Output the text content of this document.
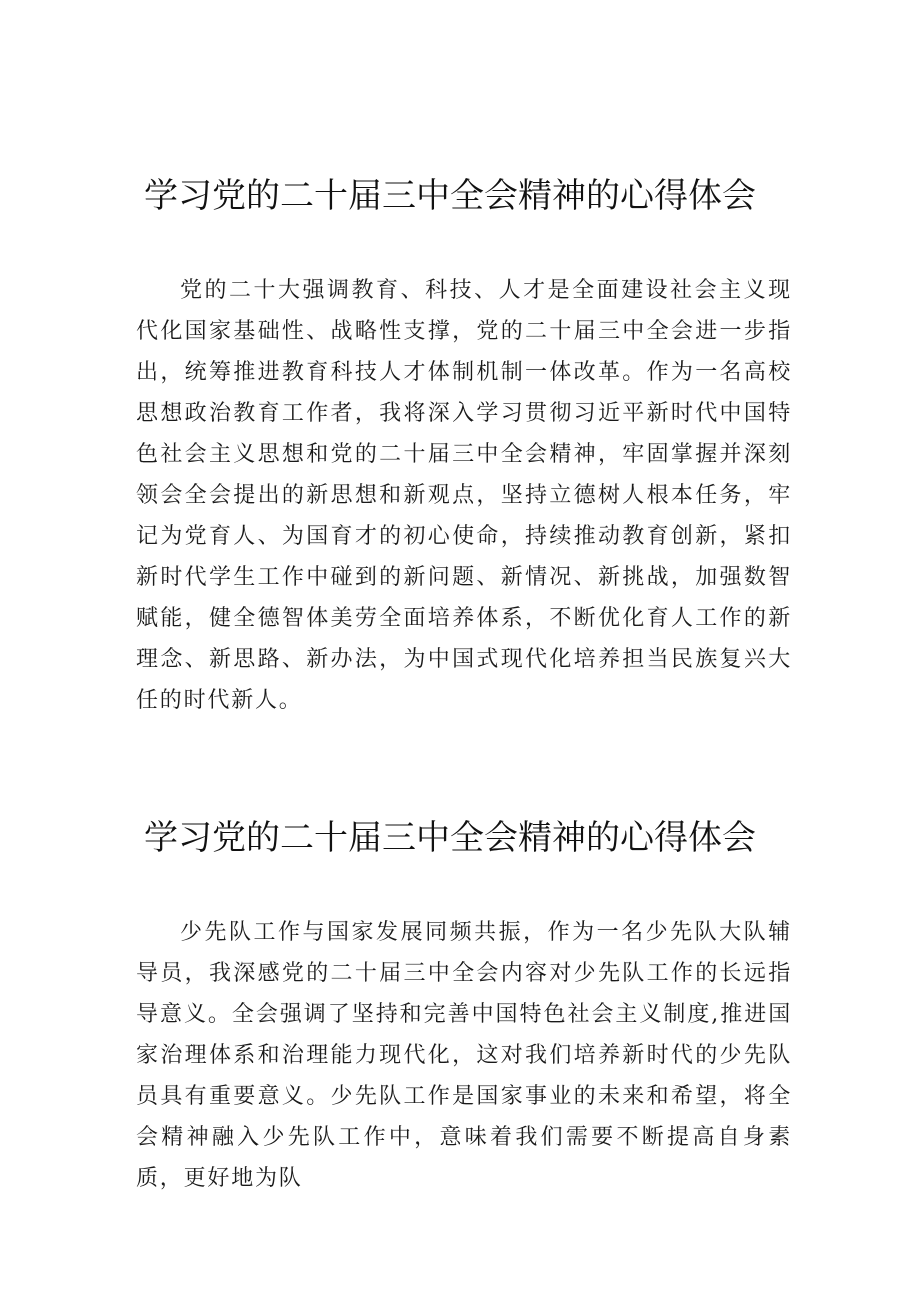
学习党的二十届三中全会精神的心得体会

党的二十大强调教育、科技、人才是全面建设社会主义现代化国家基础性、战略性支撑，党的二十届三中全会进一步指出，统筹推进教育科技人才体制机制一体改革。作为一名高校思想政治教育工作者，我将深入学习贯彻习近平新时代中国特色社会主义思想和党的二十届三中全会精神，牢固掌握并深刻领会全会提出的新思想和新观点，坚持立德树人根本任务，牢记为党育人、为国育才的初心使命，持续推动教育创新，紧扣新时代学生工作中碰到的新问题、新情况、新挑战，加强数智赋能，健全德智体美劳全面培养体系，不断优化育人工作的新理念、新思路、新办法，为中国式现代化培养担当民族复兴大任的时代新人。

学习党的二十届三中全会精神的心得体会

少先队工作与国家发展同频共振，作为一名少先队大队辅导员，我深感党的二十届三中全会内容对少先队工作的长远指导意义。全会强调了坚持和完善中国特色社会主义制度,推进国家治理体系和治理能力现代化，这对我们培养新时代的少先队员具有重要意义。少先队工作是国家事业的未来和希望，将全会精神融入少先队工作中，意味着我们需要不断提高自身素质，更好地为队
